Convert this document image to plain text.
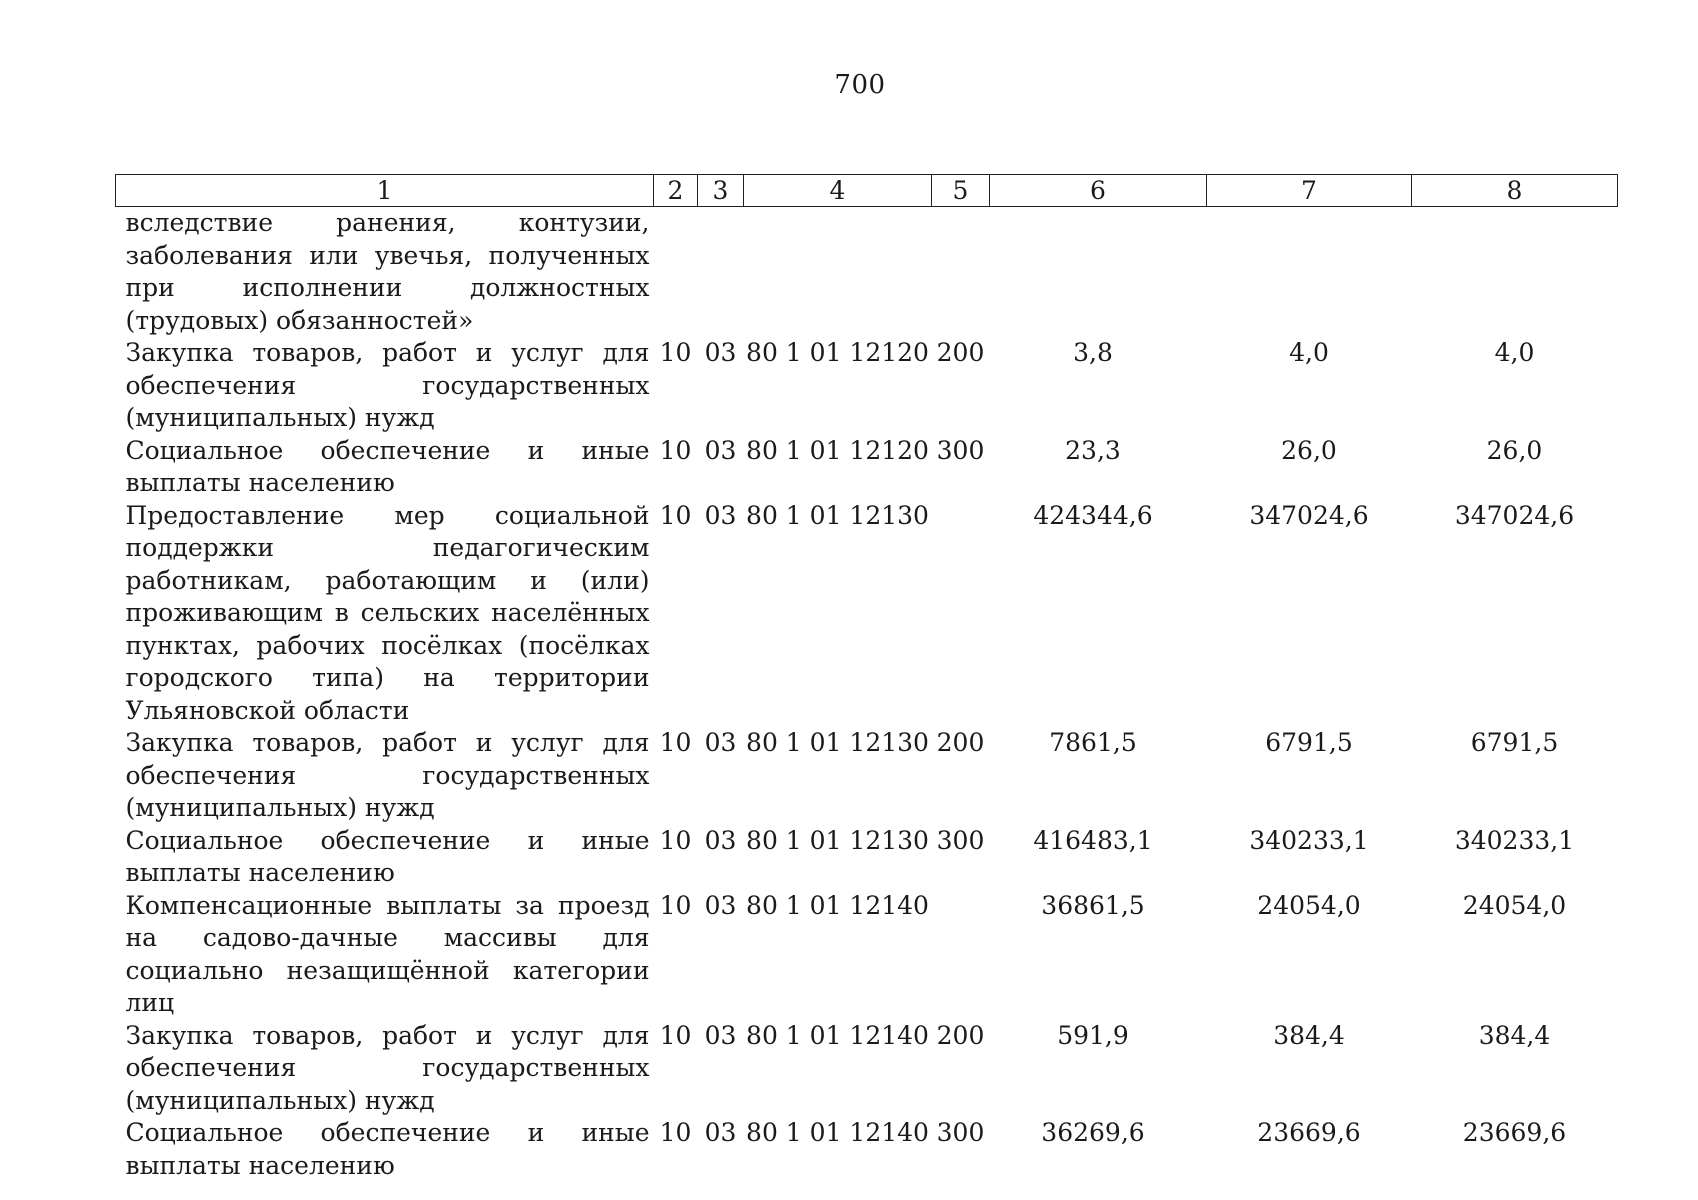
700
1	2	3	4	5	6	7	8
вследствие ранения, контузии, заболевания или увечья, полученных при исполнении должностных (трудовых) обязанностей»							
Закупка товаров, работ и услуг для обеспечения государственных (муниципальных) нужд	10	03	80 1 01 12120	200	3,8	4,0	4,0
Социальное обеспечение и иные выплаты населению	10	03	80 1 01 12120	300	23,3	26,0	26,0
Предоставление мер социальной поддержки педагогическим работникам, работающим и (или) проживающим в сельских населённых пунктах, рабочих посёлках (посёлках городского типа) на территории Ульяновской области	10	03	80 1 01 12130		424344,6	347024,6	347024,6
Закупка товаров, работ и услуг для обеспечения государственных (муниципальных) нужд	10	03	80 1 01 12130	200	7861,5	6791,5	6791,5
Социальное обеспечение и иные выплаты населению	10	03	80 1 01 12130	300	416483,1	340233,1	340233,1
Компенсационные выплаты за проезд на садово-дачные массивы для социально незащищённой категории лиц	10	03	80 1 01 12140		36861,5	24054,0	24054,0
Закупка товаров, работ и услуг для обеспечения государственных (муниципальных) нужд	10	03	80 1 01 12140	200	591,9	384,4	384,4
Социальное обеспечение и иные выплаты населению	10	03	80 1 01 12140	300	36269,6	23669,6	23669,6
